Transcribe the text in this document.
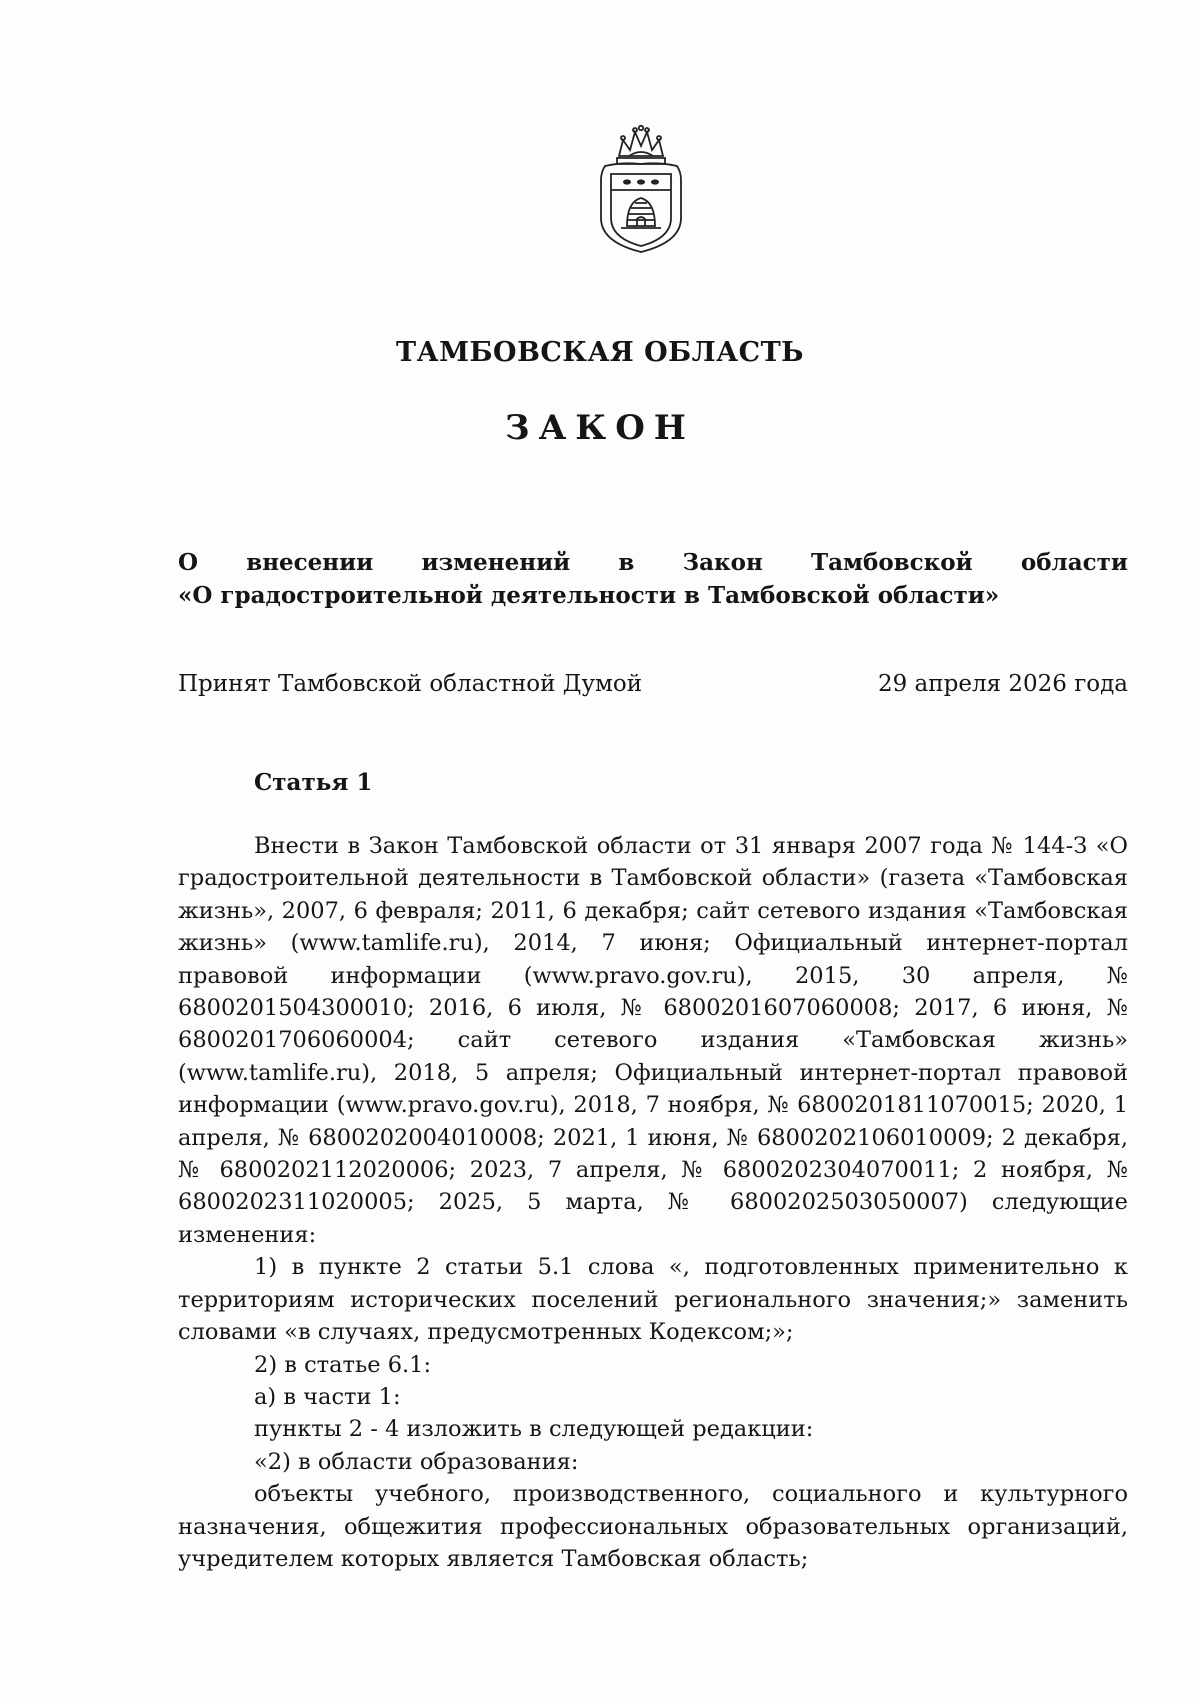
ТАМБОВСКАЯ ОБЛАСТЬ
ЗАКОН
О внесении изменений в Закон Тамбовской области
«О градостроительной деятельности в Тамбовской области»
Принят Тамбовской областной Думой	29 апреля 2026 года
Статья 1

Внести в Закон Тамбовской области от 31 января 2007 года № 144-З «О градостроительной деятельности в Тамбовской области» (газета «Тамбовская жизнь», 2007, 6 февраля; 2011, 6 декабря; сайт сетевого издания «Тамбовская жизнь» (www.tamlife.ru), 2014, 7 июня; Официальный интернет-портал правовой информации (www.pravo.gov.ru), 2015, 30 апреля, № 6800201504300010; 2016, 6 июля, № 6800201607060008; 2017, 6 июня, № 6800201706060004; сайт сетевого издания «Тамбовская жизнь» (www.tamlife.ru), 2018, 5 апреля; Официальный интернет-портал правовой информации (www.pravo.gov.ru), 2018, 7 ноября, № 6800201811070015; 2020, 1 апреля, № 6800202004010008; 2021, 1 июня, № 6800202106010009; 2 декабря, № 6800202112020006; 2023, 7 апреля, № 6800202304070011; 2 ноября, № 6800202311020005; 2025, 5 марта, № 6800202503050007) следующие изменения:

1) в пункте 2 статьи 5.1 слова «, подготовленных применительно к территориям исторических поселений регионального значения;» заменить словами «в случаях, предусмотренных Кодексом;»;

2) в статье 6.1:

а) в части 1:

пункты 2 - 4 изложить в следующей редакции:

«2) в области образования:

объекты учебного, производственного, социального и культурного назначения, общежития профессиональных образовательных организаций, учредителем которых является Тамбовская область;
